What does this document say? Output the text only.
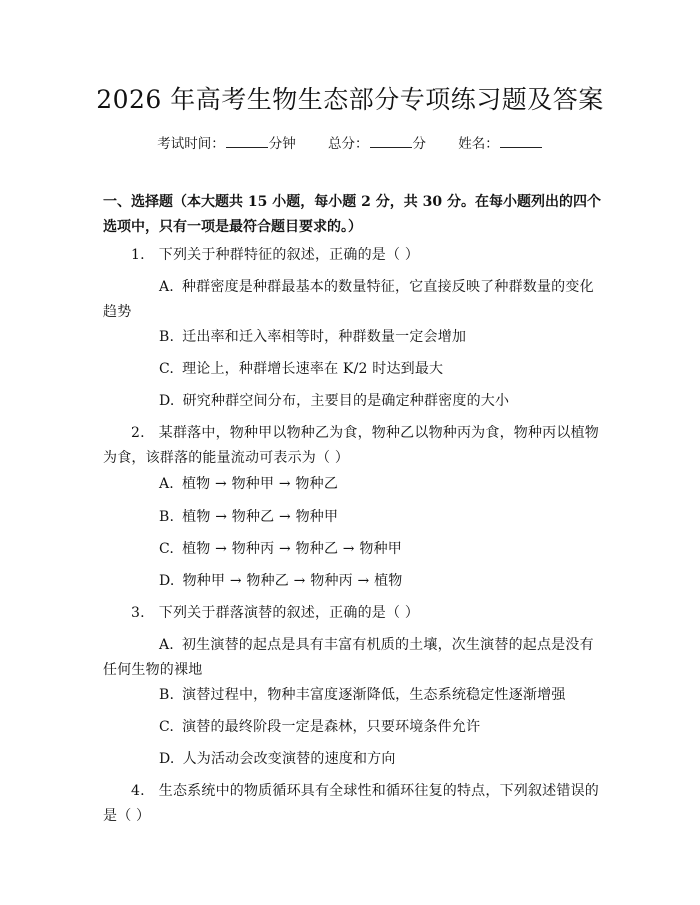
2026 年高考生物生态部分专项练习题及答案
考试时间：	分钟 总分：	分 姓名：
一、选择题（本大题共 15 小题，每小题 2 分，共 30 分。在每小题列出的四个选项中，只有一项是最符合题目要求的。）
1. 下列关于种群特征的叙述，正确的是（ ）
A. 种群密度是种群最基本的数量特征，它直接反映了种群数量的变化趋势
B. 迁出率和迁入率相等时，种群数量一定会增加
C. 理论上，种群增长速率在 K/2 时达到最大
D. 研究种群空间分布，主要目的是确定种群密度的大小
2. 某群落中，物种甲以物种乙为食，物种乙以物种丙为食，物种丙以植物为食，该群落的能量流动可表示为（ ）
A. 植物 → 物种甲 → 物种乙
B. 植物 → 物种乙 → 物种甲
C. 植物 → 物种丙 → 物种乙 → 物种甲
D. 物种甲 → 物种乙 → 物种丙 → 植物
3. 下列关于群落演替的叙述，正确的是（ ）
A. 初生演替的起点是具有丰富有机质的土壤，次生演替的起点是没有任何生物的裸地
B. 演替过程中，物种丰富度逐渐降低，生态系统稳定性逐渐增强
C. 演替的最终阶段一定是森林，只要环境条件允许
D. 人为活动会改变演替的速度和方向
4. 生态系统中的物质循环具有全球性和循环往复的特点，下列叙述错误的是（ ）
